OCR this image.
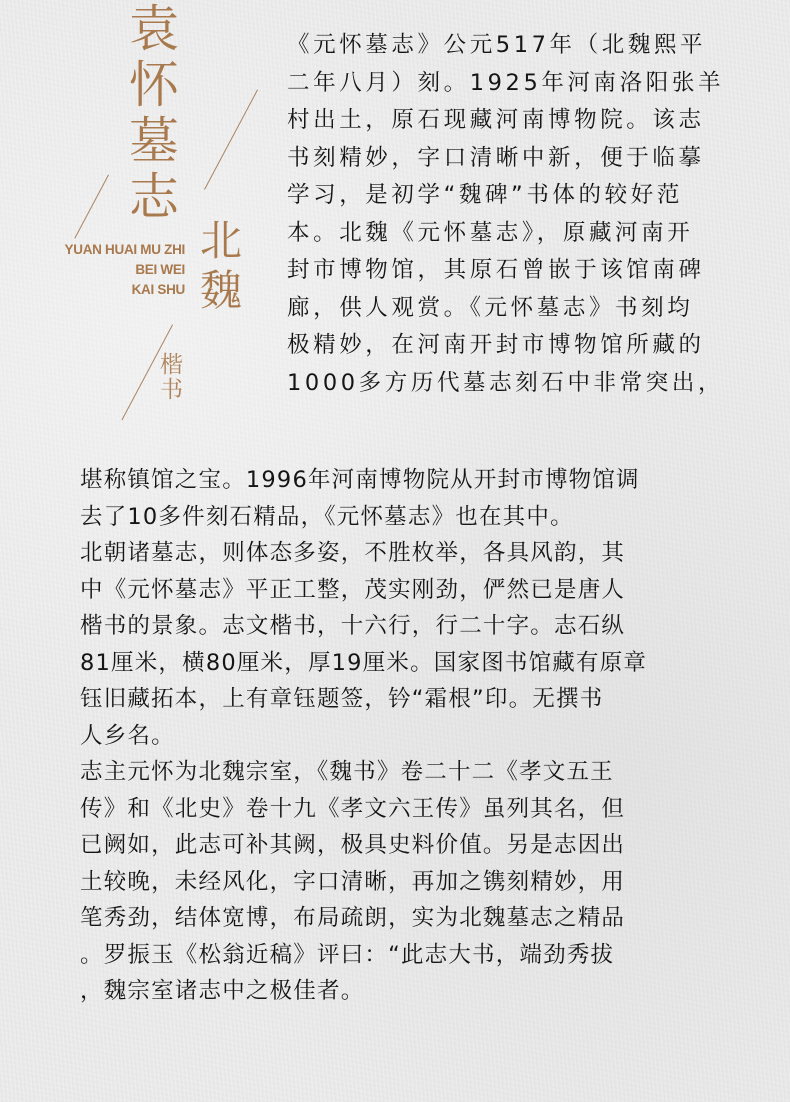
袁怀墓志
北魏
楷书
YUAN HUAI MU ZHI
BEI WEI
KAI SHU

《元怀墓志》公元517年（北魏熙平

二年八月）刻。1925年河南洛阳张羊

村出土，原石现藏河南博物院。该志

书刻精妙，字口清晰中新，便于临摹

学习，是初学“魏碑”书体的较好范

本。北魏《元怀墓志》，原藏河南开

封市博物馆，其原石曾嵌于该馆南碑

廊，供人观赏。《元怀墓志》书刻均

极精妙，在河南开封市博物馆所藏的

1000多方历代墓志刻石中非常突出，

堪称镇馆之宝。1996年河南博物院从开封市博物馆调

去了10多件刻石精品，《元怀墓志》也在其中。

北朝诸墓志，则体态多姿，不胜枚举，各具风韵，其

中《元怀墓志》平正工整，茂实刚劲，俨然已是唐人

楷书的景象。志文楷书，十六行，行二十字。志石纵

81厘米，横80厘米，厚19厘米。国家图书馆藏有原章

钰旧藏拓本，上有章钰题签，钤“霜根”印。无撰书

人乡名。

志主元怀为北魏宗室，《魏书》卷二十二《孝文五王

传》和《北史》卷十九《孝文六王传》虽列其名，但

已阙如，此志可补其阙，极具史料价值。另是志因出

土较晚，未经风化，字口清晰，再加之镌刻精妙，用

笔秀劲，结体宽博，布局疏朗，实为北魏墓志之精品

。罗振玉《松翁近稿》评曰：“此志大书，端劲秀拔

，魏宗室诸志中之极佳者。
